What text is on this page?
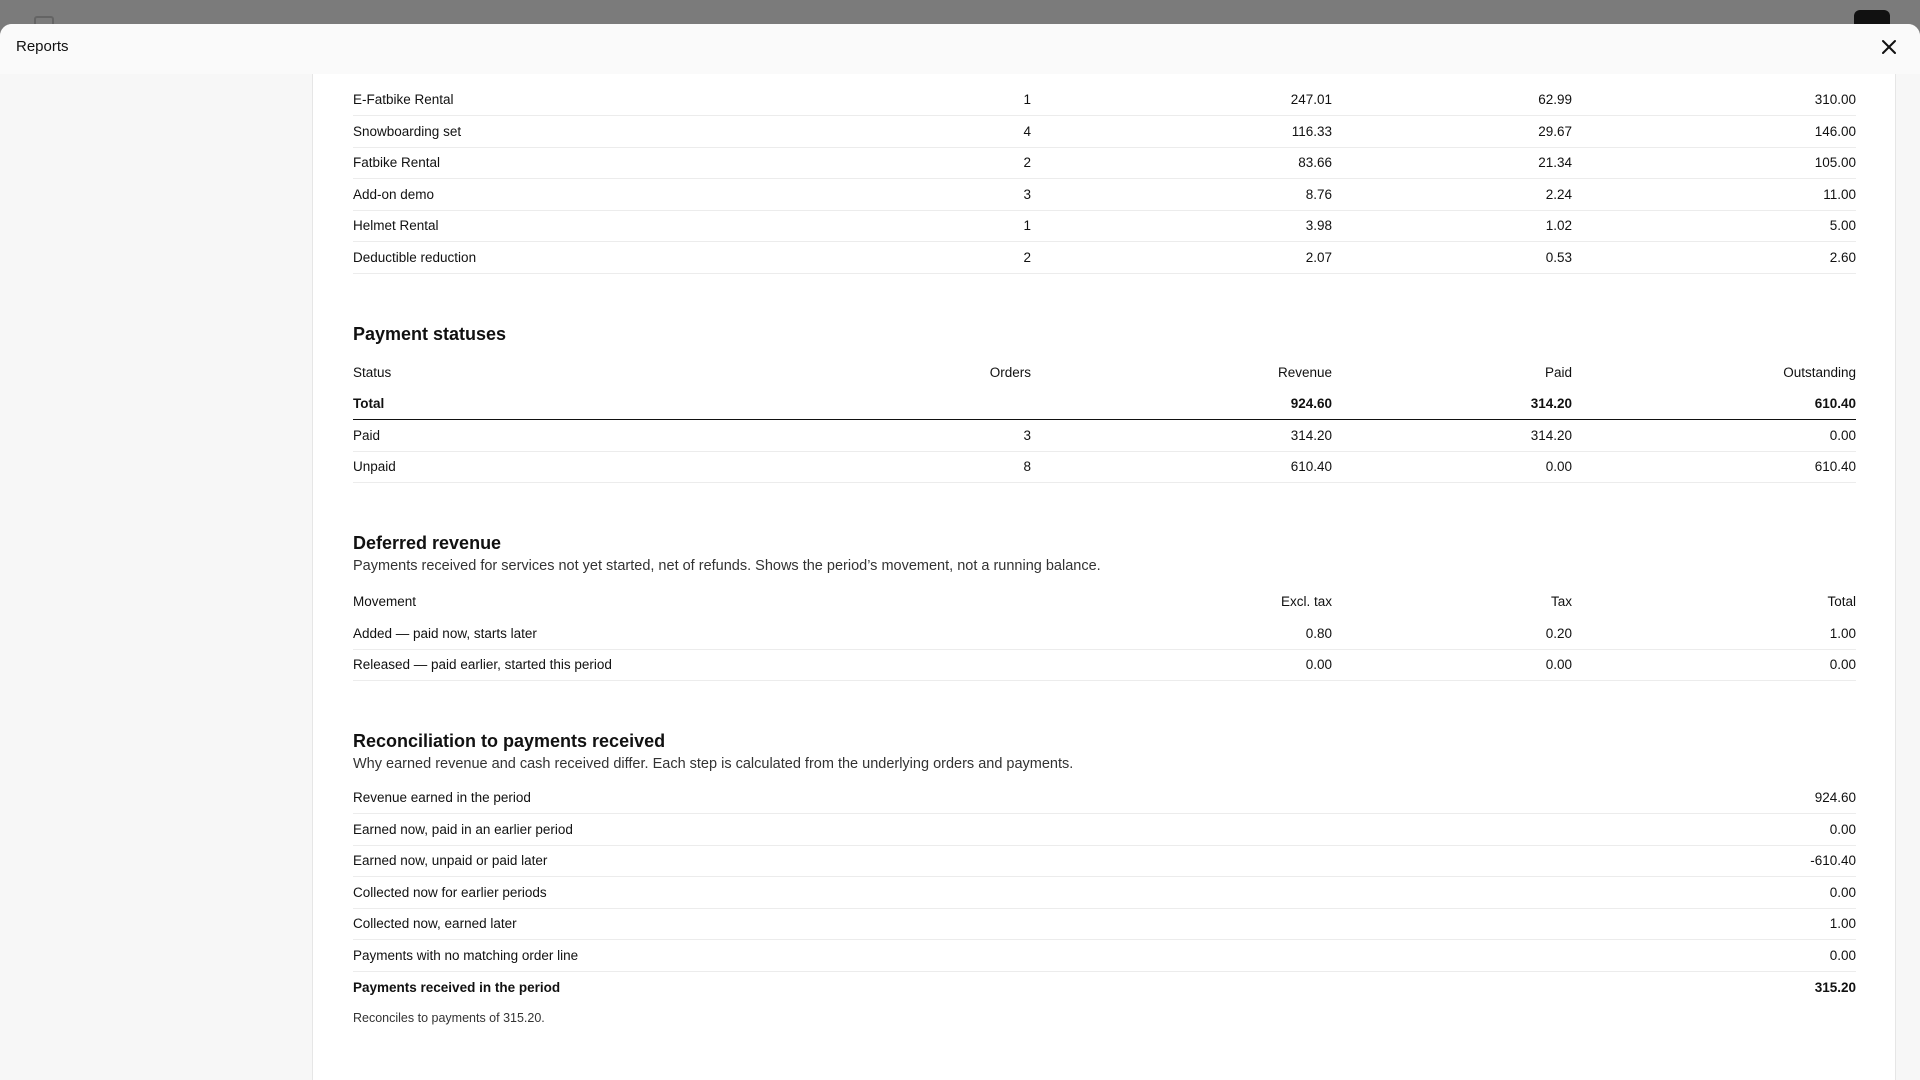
Reports
E-Fatbike Rental	1	247.01	62.99	310.00
Snowboarding set	4	116.33	29.67	146.00
Fatbike Rental	2	83.66	21.34	105.00
Add-on demo	3	8.76	2.24	11.00
Helmet Rental	1	3.98	1.02	5.00
Deductible reduction	2	2.07	0.53	2.60
Payment statuses
Status	Orders	Revenue	Paid	Outstanding
Total		924.60	314.20	610.40
Paid	3	314.20	314.20	0.00
Unpaid	8	610.40	0.00	610.40
Deferred revenue
Payments received for services not yet started, net of refunds. Shows the period’s movement, not a running balance.
Movement	Excl. tax	Tax	Total
Added — paid now, starts later	0.80	0.20	1.00
Released — paid earlier, started this period	0.00	0.00	0.00
Reconciliation to payments received
Why earned revenue and cash received differ. Each step is calculated from the underlying orders and payments.
Revenue earned in the period	924.60
Earned now, paid in an earlier period	0.00
Earned now, unpaid or paid later	-610.40
Collected now for earlier periods	0.00
Collected now, earned later	1.00
Payments with no matching order line	0.00
Payments received in the period	315.20
Reconciles to payments of 315.20.
